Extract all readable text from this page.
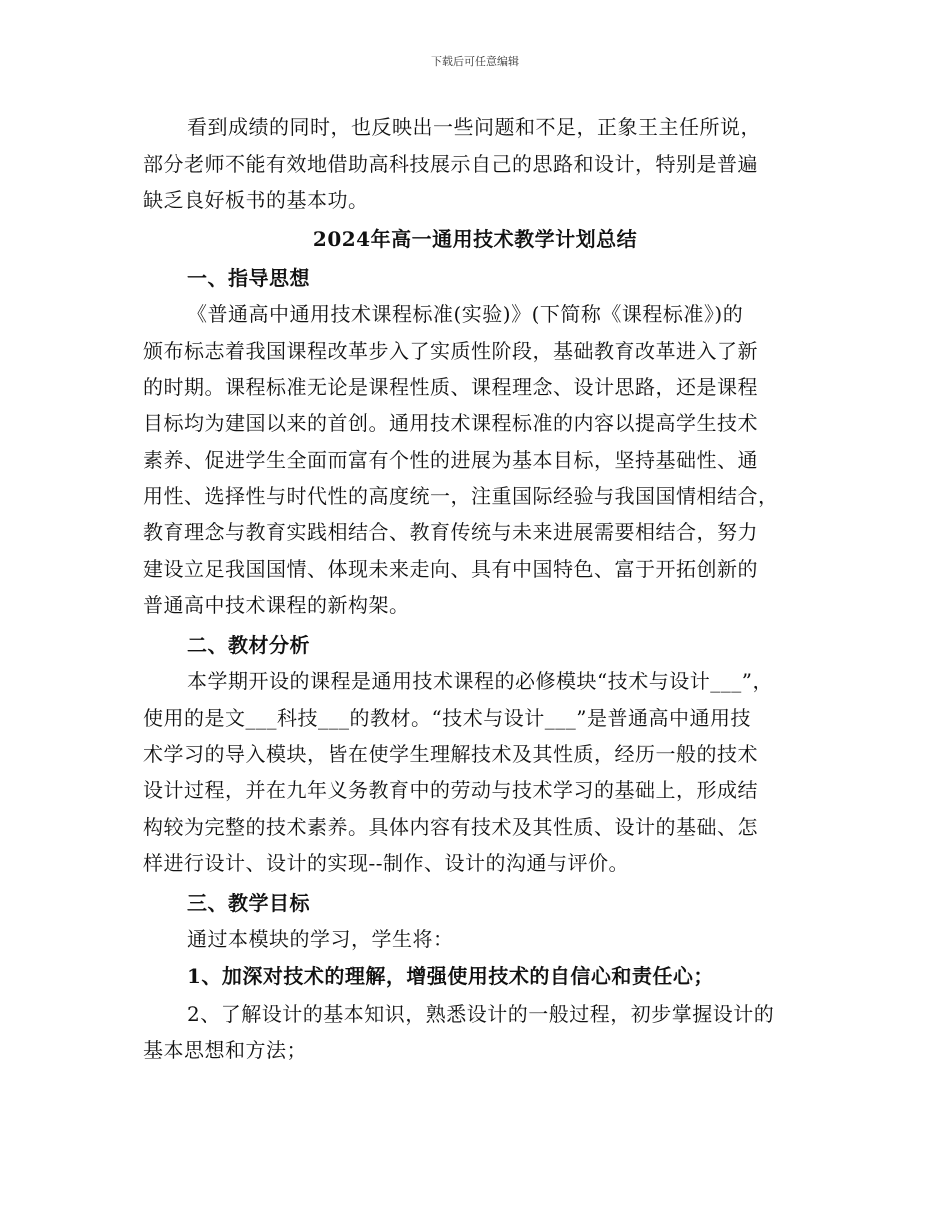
下载后可任意编辑
看到成绩的同时，也反映出一些问题和不足，正象王主任所说，
部分老师不能有效地借助高科技展示自己的思路和设计，特别是普遍
缺乏良好板书的基本功。
2024年高一通用技术教学计划总结
一、指导思想
《普通高中通用技术课程标准(实验)》(下简称《课程标准》)的
颁布标志着我国课程改革步入了实质性阶段，基础教育改革进入了新
的时期。课程标准无论是课程性质、课程理念、设计思路，还是课程
目标均为建国以来的首创。通用技术课程标准的内容以提高学生技术
素养、促进学生全面而富有个性的进展为基本目标，坚持基础性、通
用性、选择性与时代性的高度统一，注重国际经验与我国国情相结合，
教育理念与教育实践相结合、教育传统与未来进展需要相结合，努力
建设立足我国国情、体现未来走向、具有中国特色、富于开拓创新的
普通高中技术课程的新构架。
二、教材分析
本学期开设的课程是通用技术课程的必修模块“技术与设计___”，
使用的是文___科技___的教材。“技术与设计___”是普通高中通用技
术学习的导入模块，皆在使学生理解技术及其性质，经历一般的技术
设计过程，并在九年义务教育中的劳动与技术学习的基础上，形成结
构较为完整的技术素养。具体内容有技术及其性质、设计的基础、怎
样进行设计、设计的实现--制作、设计的沟通与评价。
三、教学目标
通过本模块的学习，学生将：
1、加深对技术的理解，增强使用技术的自信心和责任心；
2、了解设计的基本知识，熟悉设计的一般过程，初步掌握设计的
基本思想和方法；
